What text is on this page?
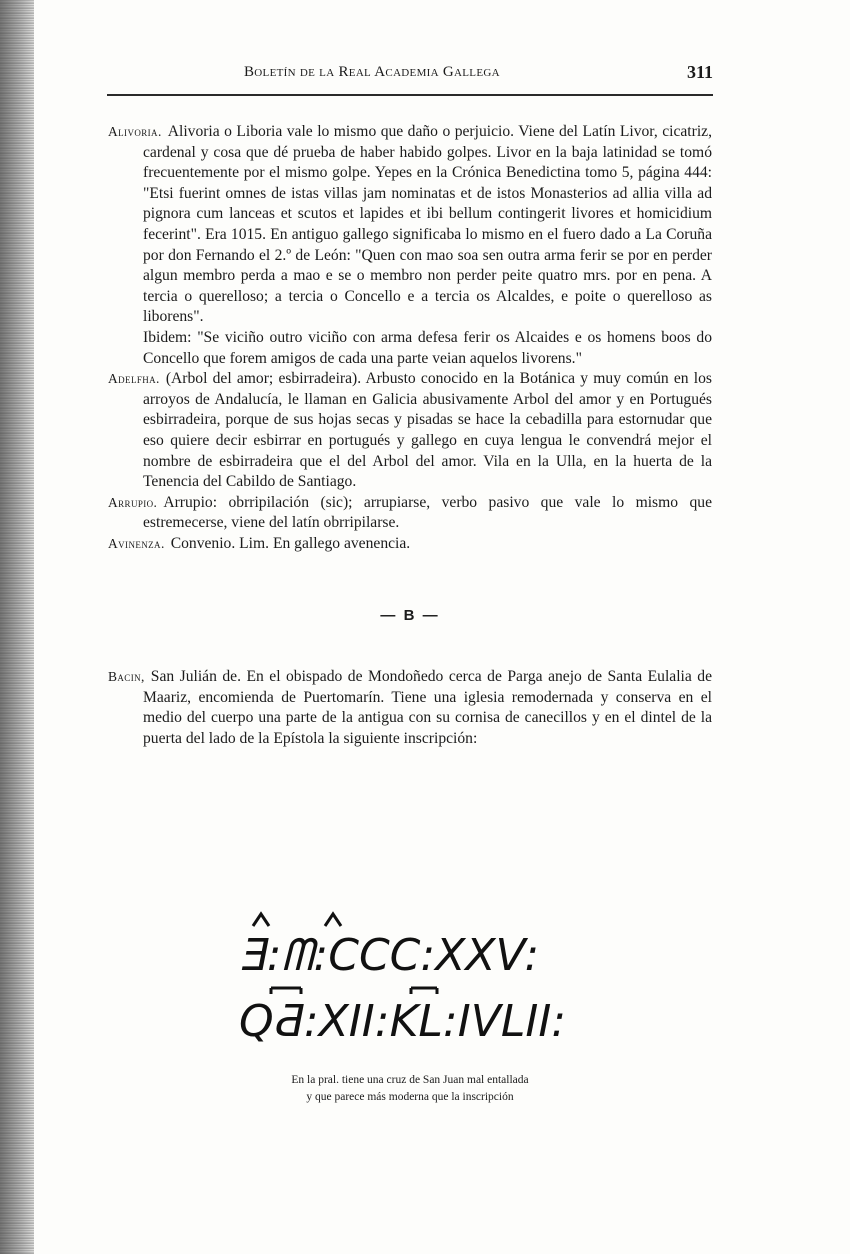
Boletín de la Real Academia Gallega	311

Alivoria. Alivoria o Liboria vale lo mismo que daño o perjuicio. Viene del Latín Livor, cicatriz, cardenal y cosa que dé prueba de haber habido golpes. Livor en la baja latinidad se tomó frecuentemente por el mismo golpe. Yepes en la Crónica Benedictina tomo 5, página 444: "Etsi fuerint omnes de istas villas jam nominatas et de istos Monasterios ad allia villa ad pignora cum lanceas et scutos et lapides et ibi bellum contingerit livores et homicidium fecerint". Era 1015. En antiguo gallego significaba lo mismo en el fuero dado a La Coruña por don Fernando el 2.º de León: "Quen con mao soa sen outra arma ferir se por en perder algun membro perda a mao e se o membro non perder peite quatro mrs. por en pena. A tercia o querelloso; a tercia o Concello e a tercia os Alcaldes, e poite o querelloso as liborens".

Ibidem: "Se viciño outro viciño con arma defesa ferir os Alcaides e os homens boos do Concello que forem amigos de cada una parte veian aquelos livorens."

Adelfha. (Arbol del amor; esbirradeira). Arbusto conocido en la Botánica y muy común en los arroyos de Andalucía, le llaman en Galicia abusivamente Arbol del amor y en Portugués esbirradeira, porque de sus hojas secas y pisadas se hace la cebadilla para estornudar que eso quiere decir esbirrar en portugués y gallego en cuya lengua le convendrá mejor el nombre de esbirradeira que el del Arbol del amor. Vila en la Ulla, en la huerta de la Tenencia del Cabildo de Santiago.

Arrupio. Arrupio: obrripilación (sic); arrupiarse, verbo pasivo que vale lo mismo que estremecerse, viene del latín obrripilarse.

Avinenza. Convenio. Lim. En gallego avenencia.

— B —

Bacin, San Julián de. En el obispado de Mondoñedo cerca de Parga anejo de Santa Eulalia de Maariz, encomienda de Puertomarín. Tiene una iglesia remodernada y conserva en el medio del cuerpo una parte de la antigua con su cornisa de canecillos y en el dintel de la puerta del lado de la Epístola la siguiente inscripción:

Ǝ:ᗰ:CCC:XXV:
QƋ:XII:KL:IVLII:

En la pral. tiene una cruz de San Juan mal entallada

y que parece más moderna que la inscripción
